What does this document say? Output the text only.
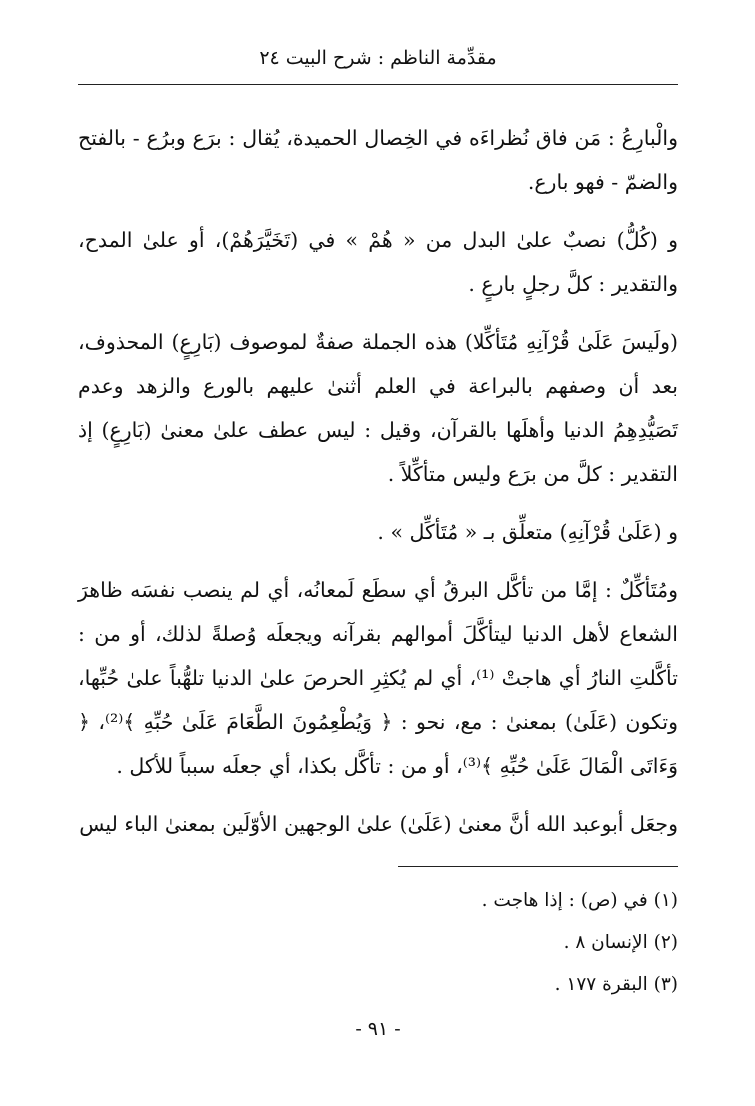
مقدِّمة الناظم : شرح البيت ٢٤

والْبارِعُ : مَن فاق نُظراءَه في الخِصال الحميدة، يُقال : برَع وبرُع - بالفتح والضمّ - فهو بارع.

و (كُلُّ) نصبٌ علىٰ البدل من « هُمْ » في (تَخَيَّرَهُمْ)، أو علىٰ المدح، والتقدير : كلَّ رجلٍ بارعٍ .

(ولَيسَ عَلَىٰ قُرْآنِهِ مُتَأكِّلا) هذه الجملة صفةٌ لموصوف (بَارِعٍ) المحذوف، بعد أن وصفهم بالبراعة في العلم أثنىٰ عليهم بالورع والزهد وعدم تَصَيُّدِهِمُ الدنيا وأهلَها بالقرآن، وقيل : ليس عطف علىٰ معنىٰ (بَارِعٍ) إذ التقدير : كلَّ من برَع وليس متأكِّلاً .

و (عَلَىٰ قُرْآنِهِ) متعلِّق بـ « مُتَأكِّل » .

ومُتَأكِّلٌ : إمَّا من تأكَّل البرقُ أي سطَع لَمعانُه، أي لم ينصب نفسَه ظاهرَ الشعاع لأهل الدنيا ليتأكَّلَ أموالهم بقرآنه ويجعلَه وُصلةً لذلك، أو من : تأكَّلتِ النارُ أي هاجتْ ⁽¹⁾، أي لم يُكثِرِ الحرصَ علىٰ الدنيا تلهُّباً علىٰ حُبِّها، وتكون (عَلَىٰ) بمعنىٰ : مع، نحو : ﴿ وَيُطْعِمُونَ الطَّعَامَ عَلَىٰ حُبِّهِ ﴾⁽²⁾، ﴿ وَءَاتَى الْمَالَ عَلَىٰ حُبِّهِ ﴾⁽³⁾، أو من : تأكَّل بكذا، أي جعلَه سبباً للأكل .

وجعَل أبوعبد الله أنَّ معنىٰ (عَلَىٰ) علىٰ الوجهين الأوّلَين بمعنىٰ الباء ليس

(١) في (ص) : إذا هاجت .
(٢) الإنسان ٨ .
(٣) البقرة ١٧٧ .
- ٩١ -
